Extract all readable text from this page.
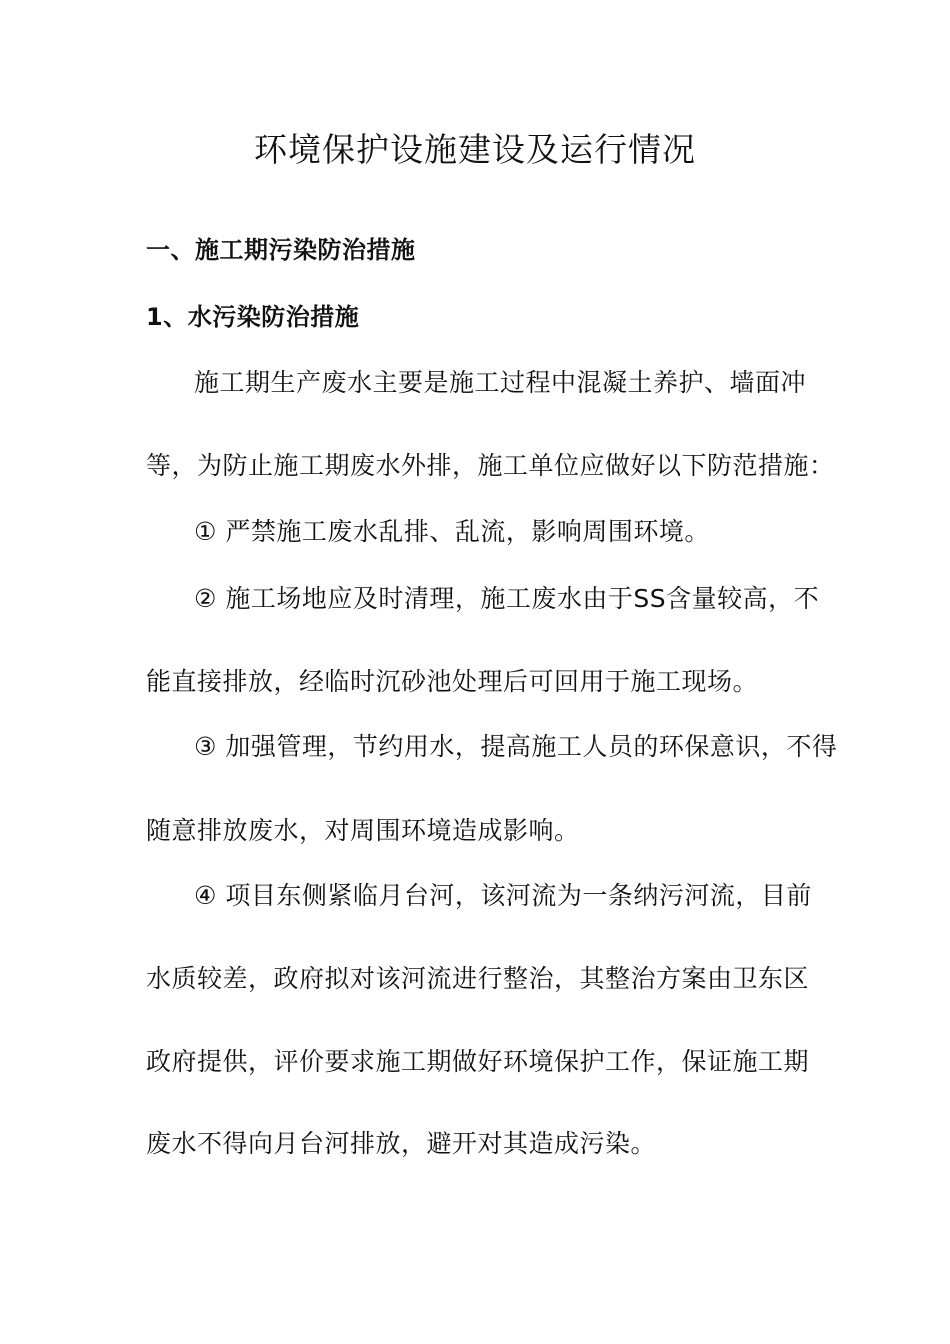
环境保护设施建设及运行情况
一、施工期污染防治措施
1、水污染防治措施
施工期生产废水主要是施工过程中混凝土养护、墙面冲
等，为防止施工期废水外排，施工单位应做好以下防范措施：
① 严禁施工废水乱排、乱流，影响周围环境。
② 施工场地应及时清理，施工废水由于SS含量较高，不
能直接排放，经临时沉砂池处理后可回用于施工现场。
③ 加强管理，节约用水，提高施工人员的环保意识，不得
随意排放废水，对周围环境造成影响。
④ 项目东侧紧临月台河，该河流为一条纳污河流，目前
水质较差，政府拟对该河流进行整治，其整治方案由卫东区
政府提供，评价要求施工期做好环境保护工作，保证施工期
废水不得向月台河排放，避开对其造成污染。
